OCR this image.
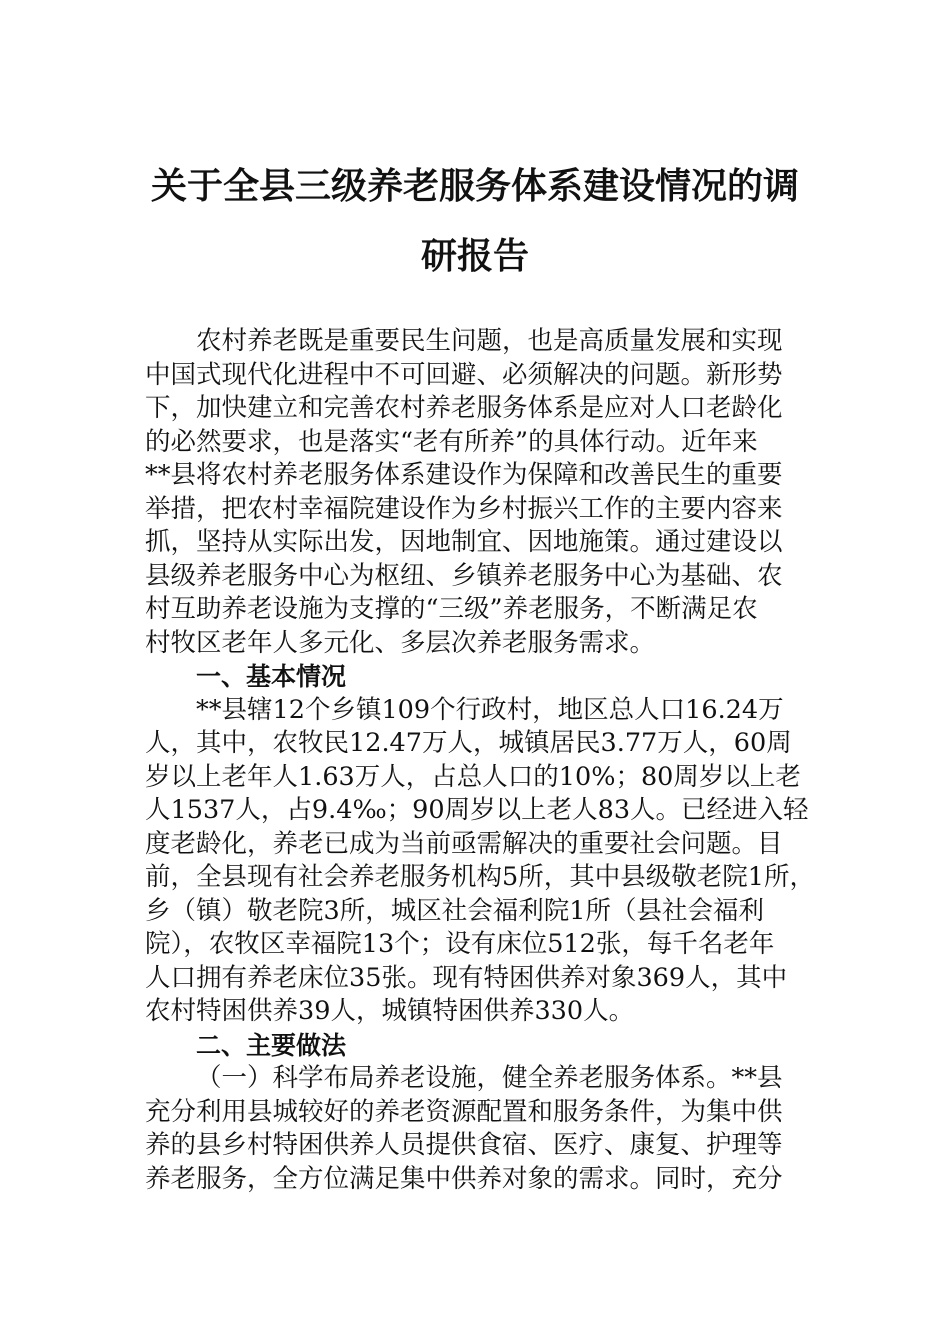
关于全县三级养老服务体系建设情况的调
研报告
农村养老既是重要民生问题，也是高质量发展和实现
中国式现代化进程中不可回避、必须解决的问题。新形势
下，加快建立和完善农村养老服务体系是应对人口老龄化
的必然要求，也是落实“老有所养”的具体行动。近年来
**县将农村养老服务体系建设作为保障和改善民生的重要
举措，把农村幸福院建设作为乡村振兴工作的主要内容来
抓，坚持从实际出发，因地制宜、因地施策。通过建设以
县级养老服务中心为枢纽、乡镇养老服务中心为基础、农
村互助养老设施为支撑的“三级”养老服务，不断满足农
村牧区老年人多元化、多层次养老服务需求。
一、基本情况
**县辖12个乡镇109个行政村，地区总人口16.24万
人，其中，农牧民12.47万人，城镇居民3.77万人，60周
岁以上老年人1.63万人，占总人口的10%；80周岁以上老
人1537人，占9.4‰；90周岁以上老人83人。已经进入轻
度老龄化，养老已成为当前亟需解决的重要社会问题。目
前，全县现有社会养老服务机构5所，其中县级敬老院1所，
乡（镇）敬老院3所，城区社会福利院1所（县社会福利
院），农牧区幸福院13个；设有床位512张，每千名老年
人口拥有养老床位35张。现有特困供养对象369人，其中
农村特困供养39人，城镇特困供养330人。
二、主要做法
（一）科学布局养老设施，健全养老服务体系。**县
充分利用县城较好的养老资源配置和服务条件，为集中供
养的县乡村特困供养人员提供食宿、医疗、康复、护理等
养老服务，全方位满足集中供养对象的需求。同时，充分
